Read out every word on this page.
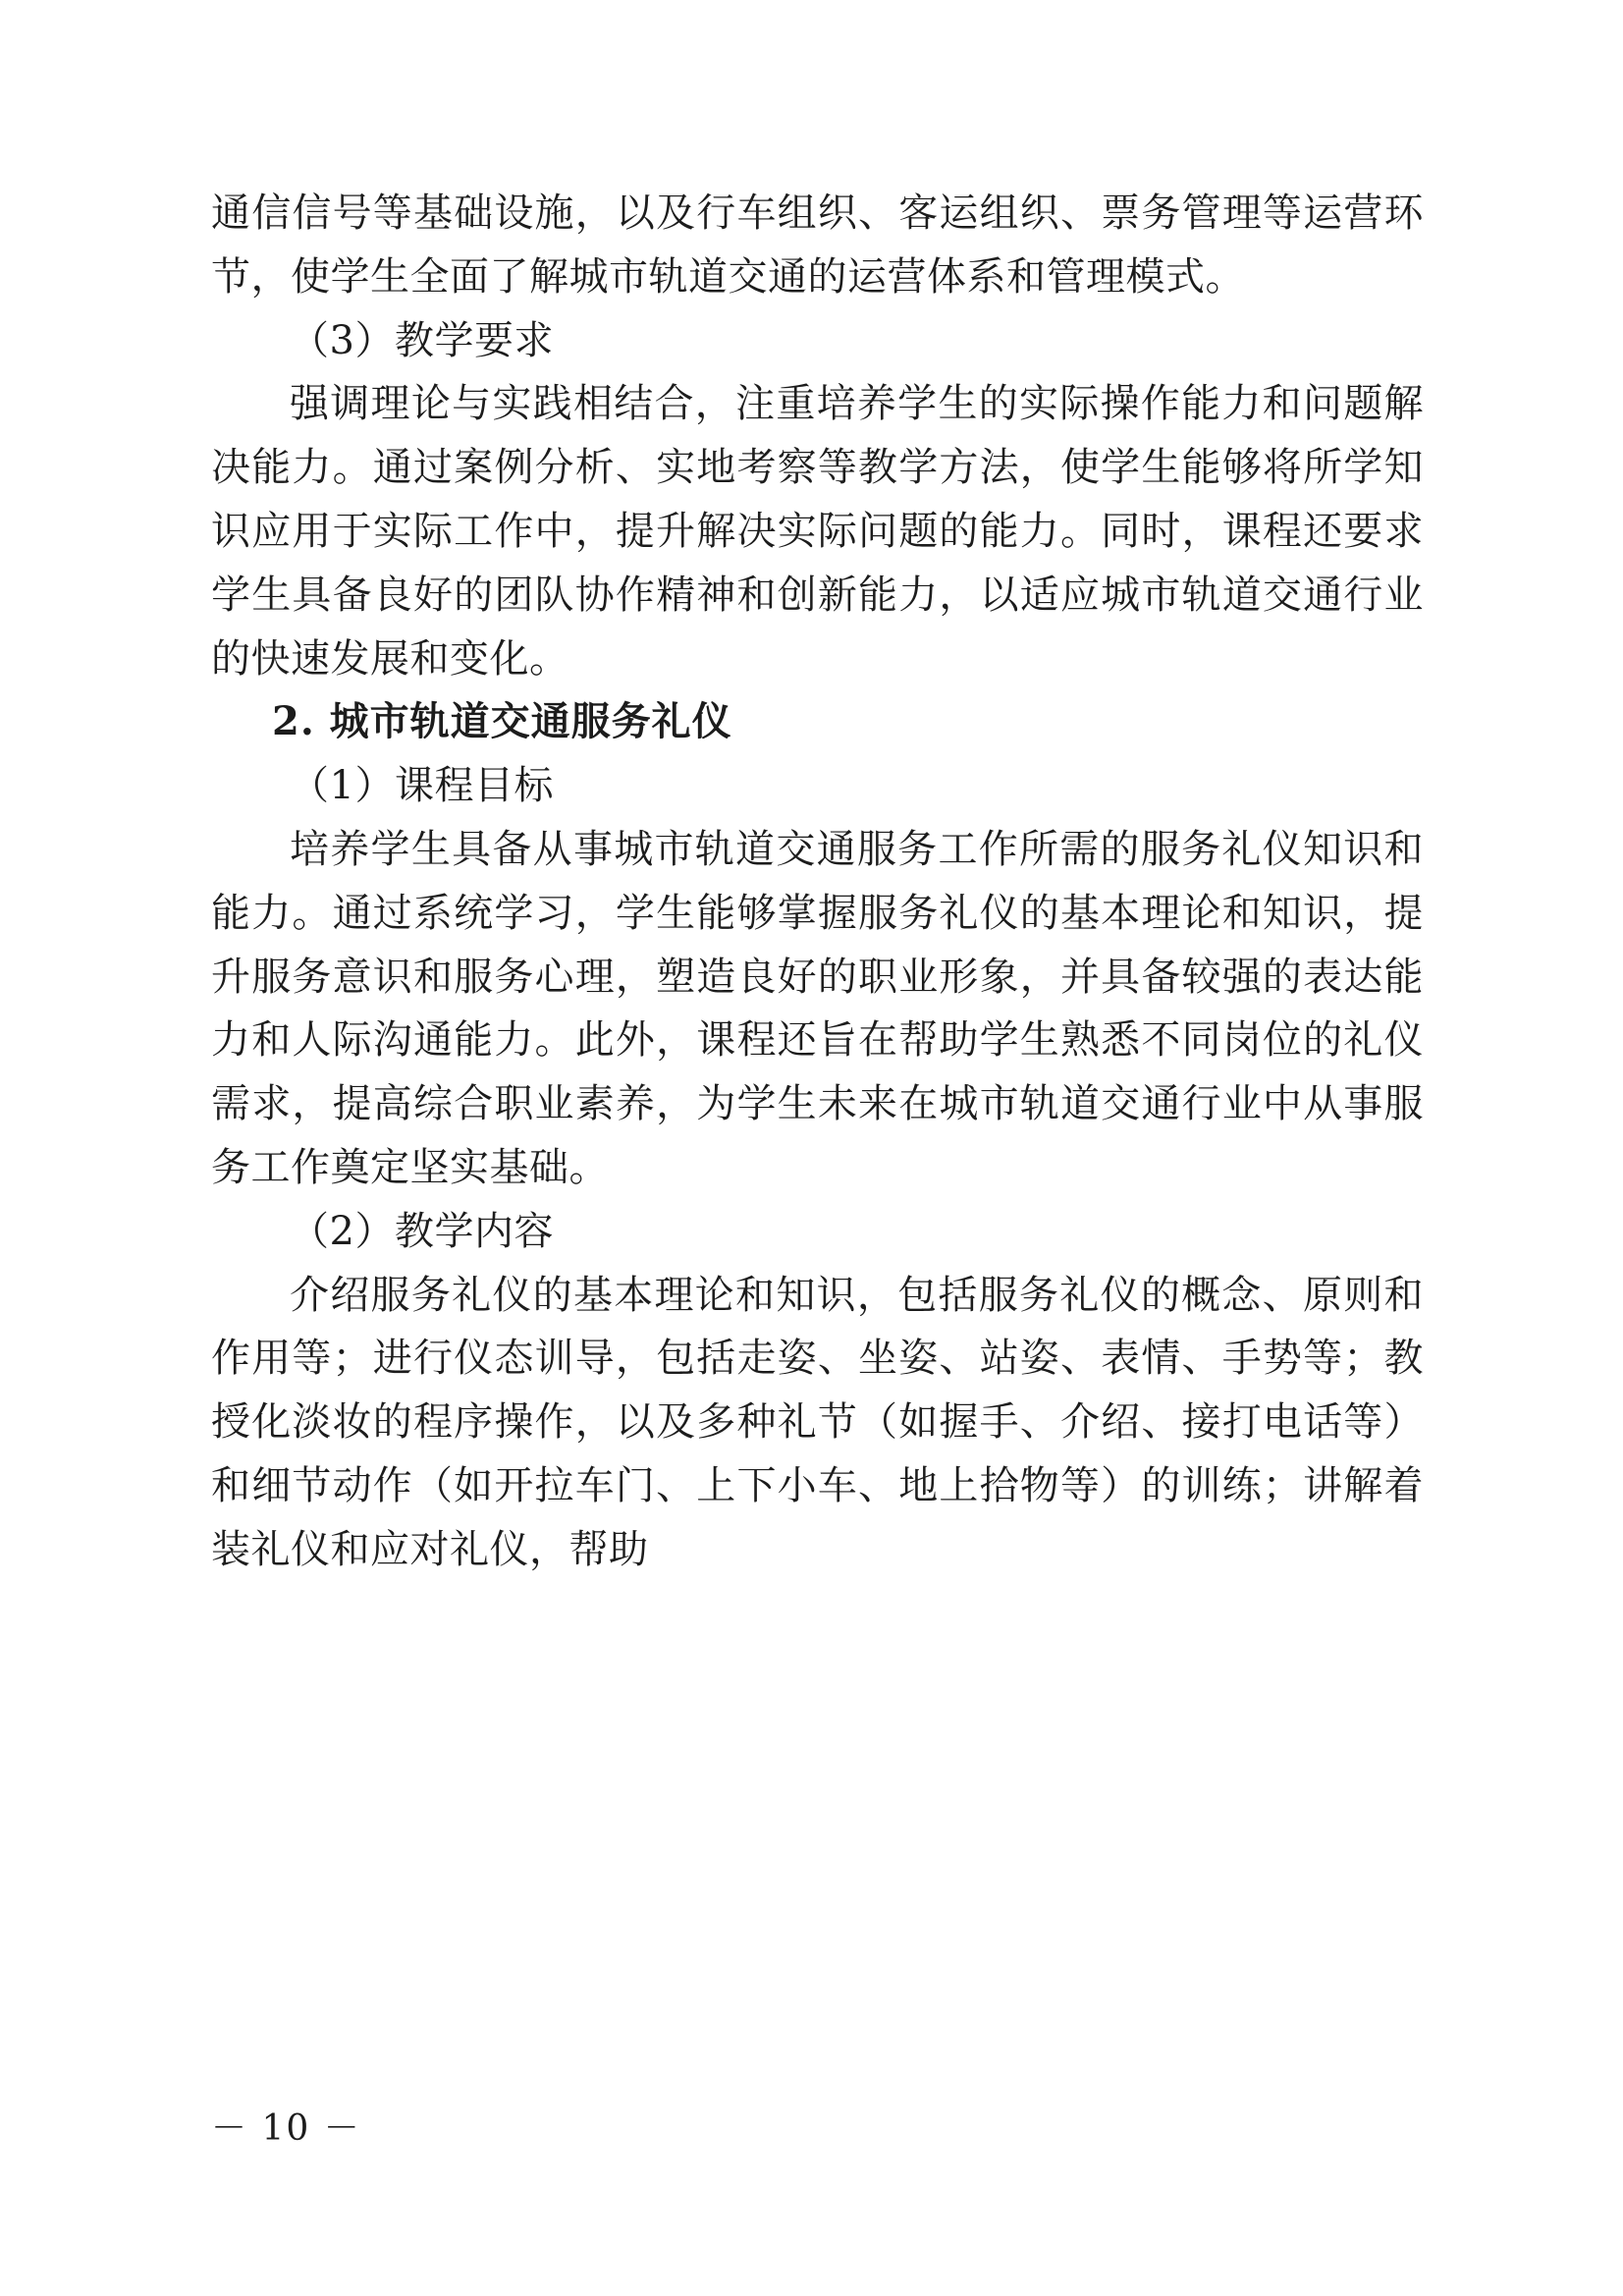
通信信号等基础设施，以及行车组织、客运组织、票务管理等运营环节，使学生全面了解城市轨道交通的运营体系和管理模式。

（3）教学要求

强调理论与实践相结合，注重培养学生的实际操作能力和问题解决能力。通过案例分析、实地考察等教学方法，使学生能够将所学知识应用于实际工作中，提升解决实际问题的能力。同时，课程还要求学生具备良好的团队协作精神和创新能力，以适应城市轨道交通行业的快速发展和变化。

2. 城市轨道交通服务礼仪

（1）课程目标

培养学生具备从事城市轨道交通服务工作所需的服务礼仪知识和能力。通过系统学习，学生能够掌握服务礼仪的基本理论和知识，提升服务意识和服务心理，塑造良好的职业形象，并具备较强的表达能力和人际沟通能力。此外，课程还旨在帮助学生熟悉不同岗位的礼仪需求，提高综合职业素养，为学生未来在城市轨道交通行业中从事服务工作奠定坚实基础。

（2）教学内容

介绍服务礼仪的基本理论和知识，包括服务礼仪的概念、原则和作用等；进行仪态训导，包括走姿、坐姿、站姿、表情、手势等；教授化淡妆的程序操作，以及多种礼节（如握手、介绍、接打电话等）和细节动作（如开拉车门、上下小车、地上拾物等）的训练；讲解着装礼仪和应对礼仪，帮助

－ 10 －
